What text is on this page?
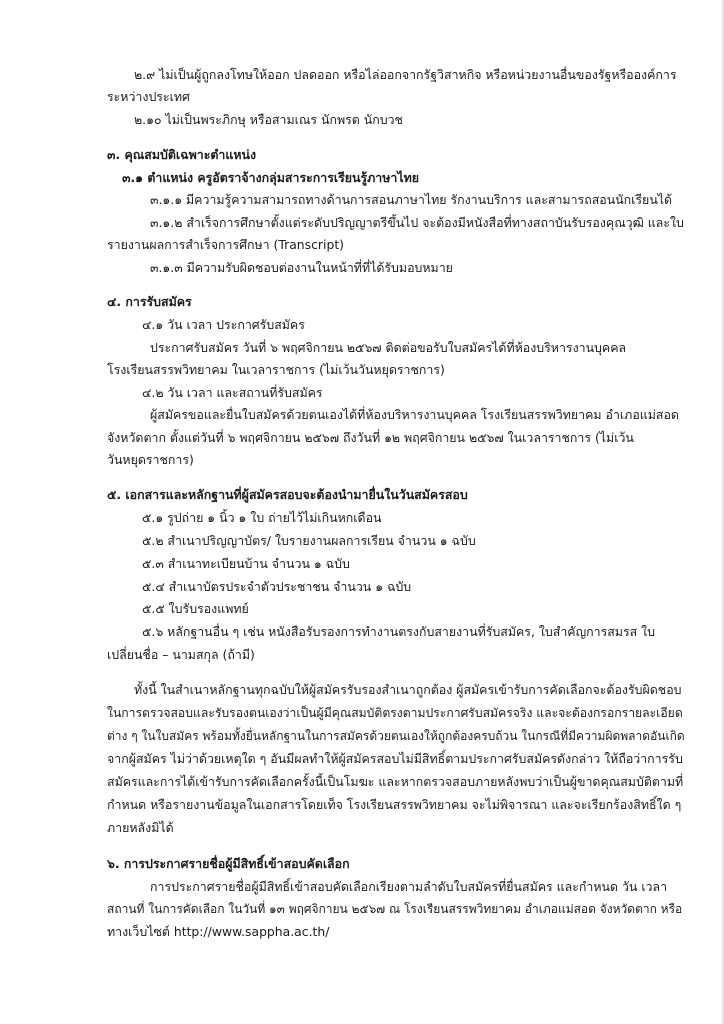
๒.๙ ไม่เป็นผู้ถูกลงโทษให้ออก ปลดออก หรือไล่ออกจากรัฐวิสาหกิจ หรือหน่วยงานอื่นของรัฐหรือองค์การ
ระหว่างประเทศ
๒.๑๐ ไม่เป็นพระภิกษุ หรือสามเณร นักพรต นักบวช
๓. คุณสมบัติเฉพาะตำแหน่ง
๓.๑ ตำแหน่ง ครูอัตราจ้างกลุ่มสาระการเรียนรู้ภาษาไทย
๓.๑.๑ มีความรู้ความสามารถทางด้านการสอนภาษาไทย รักงานบริการ และสามารถสอนนักเรียนได้
๓.๑.๒ สำเร็จการศึกษาตั้งแต่ระดับปริญญาตรีขึ้นไป จะต้องมีหนังสือที่ทางสถาบันรับรองคุณวุฒิ และใบ
รายงานผลการสำเร็จการศึกษา (Transcript)
๓.๑.๓ มีความรับผิดชอบต่องานในหน้าที่ที่ได้รับมอบหมาย
๔. การรับสมัคร
๔.๑ วัน เวลา ประกาศรับสมัคร
ประกาศรับสมัคร วันที่ ๖ พฤศจิกายน ๒๕๖๗ ติดต่อขอรับใบสมัครได้ที่ห้องบริหารงานบุคคล
โรงเรียนสรรพวิทยาคม ในเวลาราชการ (ไม่เว้นวันหยุดราชการ)
๔.๒ วัน เวลา และสถานที่รับสมัคร
ผู้สมัครขอและยื่นใบสมัครด้วยตนเองได้ที่ห้องบริหารงานบุคคล โรงเรียนสรรพวิทยาคม อำเภอแม่สอด
จังหวัดตาก ตั้งแต่วันที่ ๖ พฤศจิกายน ๒๕๖๗ ถึงวันที่ ๑๒ พฤศจิกายน ๒๕๖๗ ในเวลาราชการ (ไม่เว้น
วันหยุดราชการ)
๕. เอกสารและหลักฐานที่ผู้สมัครสอบจะต้องนำมายื่นในวันสมัครสอบ
๕.๑ รูปถ่าย ๑ นิ้ว ๑ ใบ ถ่ายไว้ไม่เกินหกเดือน
๕.๒ สำเนาปริญญาบัตร/ ใบรายงานผลการเรียน จำนวน ๑ ฉบับ
๕.๓ สำเนาทะเบียนบ้าน จำนวน ๑ ฉบับ
๕.๔ สำเนาบัตรประจำตัวประชาชน จำนวน ๑ ฉบับ
๕.๕ ใบรับรองแพทย์
๕.๖ หลักฐานอื่น ๆ เช่น หนังสือรับรองการทำงานตรงกับสายงานที่รับสมัคร, ใบสำคัญการสมรส ใบ
เปลี่ยนชื่อ – นามสกุล (ถ้ามี)
ทั้งนี้ ในสำเนาหลักฐานทุกฉบับให้ผู้สมัครรับรองสำเนาถูกต้อง ผู้สมัครเข้ารับการคัดเลือกจะต้องรับผิดชอบ
ในการตรวจสอบและรับรองตนเองว่าเป็นผู้มีคุณสมบัติตรงตามประกาศรับสมัครจริง และจะต้องกรอกรายละเอียด
ต่าง ๆ ในใบสมัคร พร้อมทั้งยื่นหลักฐานในการสมัครด้วยตนเองให้ถูกต้องครบถ้วน ในกรณีที่มีความผิดพลาดอันเกิด
จากผู้สมัคร ไม่ว่าด้วยเหตุใด ๆ อันมีผลทำให้ผู้สมัครสอบไม่มีสิทธิ์ตามประกาศรับสมัครดังกล่าว ให้ถือว่าการรับ
สมัครและการได้เข้ารับการคัดเลือกครั้งนี้เป็นโมฆะ และหากตรวจสอบภายหลังพบว่าเป็นผู้ขาดคุณสมบัติตามที่
กำหนด หรือรายงานข้อมูลในเอกสารโดยเท็จ โรงเรียนสรรพวิทยาคม จะไม่พิจารณา และจะเรียกร้องสิทธิ์ใด ๆ
ภายหลังมิได้
๖. การประกาศรายชื่อผู้มีสิทธิ์เข้าสอบคัดเลือก
การประกาศรายชื่อผู้มีสิทธิ์เข้าสอบคัดเลือกเรียงตามลำดับใบสมัครที่ยื่นสมัคร และกำหนด วัน เวลา
สถานที่ ในการคัดเลือก ในวันที่ ๑๓ พฤศจิกายน ๒๕๖๗ ณ โรงเรียนสรรพวิทยาคม อำเภอแม่สอด จังหวัดตาก หรือ
ทางเว็บไซต์ http://www.sappha.ac.th/
